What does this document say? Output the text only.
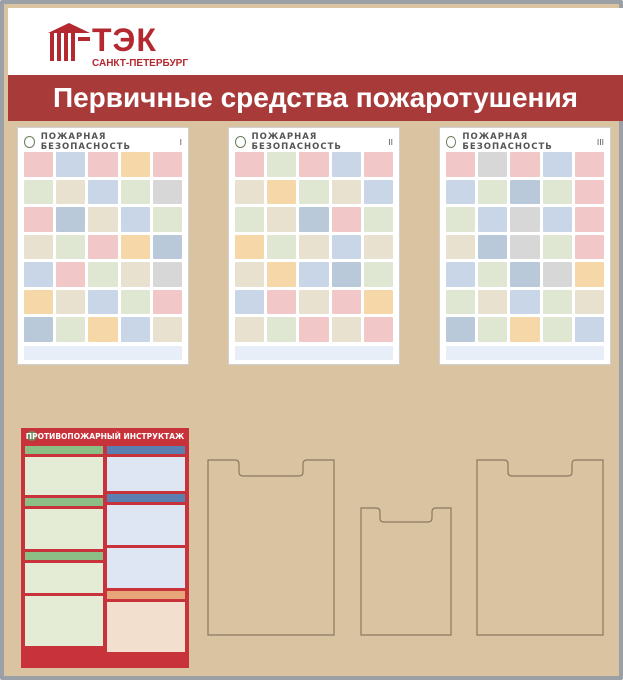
ТЭК
САНКТ-ПЕТЕРБУРГ
Первичные средства пожаротушения
ПОЖАРНАЯ БЕЗОПАСНОСТЬ	I	ПОЖАРНАЯ БЕЗОПАСНОСТЬ	II	ПОЖАРНАЯ БЕЗОПАСНОСТЬ	III
ПРОТИВОПОЖАРНЫЙ ИНСТРУКТАЖ
